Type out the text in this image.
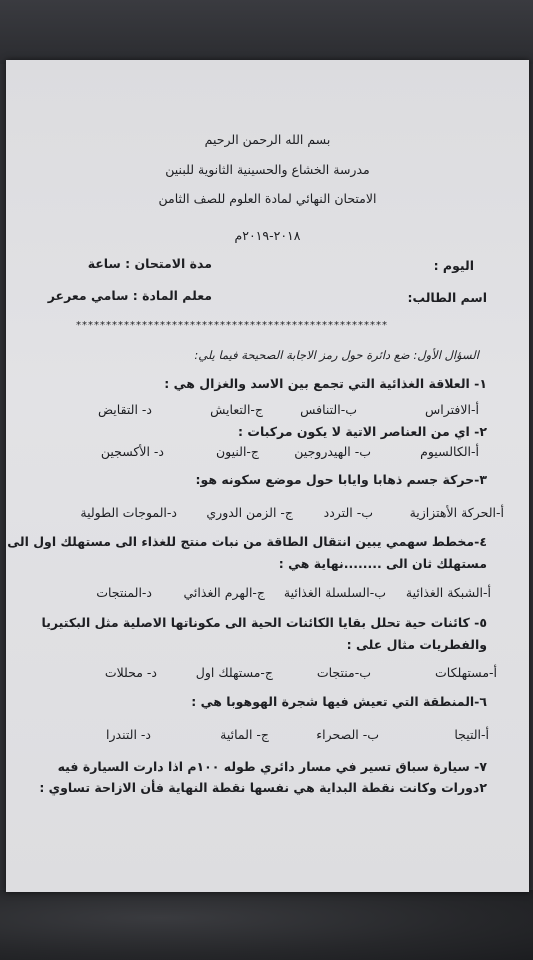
بسم الله الرحمن الرحيم
مدرسة الخشاع والحسينية الثانوية للبنين
الامتحان النهائي لمادة العلوم للصف الثامن
٢٠١٨-٢٠١٩م
اليوم :
مدة الامتحان : ساعة
اسم الطالب:
معلم المادة : سامي معرعر
****************************************************
السؤال الأول: ضع دائرة حول رمز الاجابة الصحيحة فيما يلي:
١- العلاقة الغذائية التي تجمع بين الاسد والغزال هي :
أ-الافتراس
ب-التنافس
ج-التعايش
د- التقايض
٢- اي من العناصر الاتية لا يكون مركبات :
أ-الكالسيوم
ب- الهيدروجين
ج-النيون
د- الأكسجين
٣-حركة جسم ذهابا وايابا حول موضع سكونه هو:
أ-الحركة الأهتزازية
ب- التردد
ج- الزمن الدوري
د-الموجات الطولية
٤-مخطط سهمي يبين انتقال الطاقة من نبات منتج للغذاء الى مستهلك اول الى
مستهلك ثان الى ........نهاية هي :
أ-الشبكة الغذائية
ب-السلسلة الغذائية
ج-الهرم الغذائي
د-المنتجات
٥- كائنات حية تحلل بقايا الكائنات الحية الى مكوناتها الاصلية مثل البكتيريا
والفطريات مثال على :
أ-مستهلكات
ب-منتجات
ج-مستهلك اول
د- محللات
٦-المنطقة التي تعيش فيها شجرة الهوهوبا هي :
أ-التيجا
ب- الصحراء
ج- المائية
د- التندرا
٧- سيارة سباق تسير في مسار دائري طوله ١٠٠م اذا دارت السيارة فيه
٢دورات وكانت نقطة البداية هي نفسها نقطة النهاية فأن الازاحة تساوي :
